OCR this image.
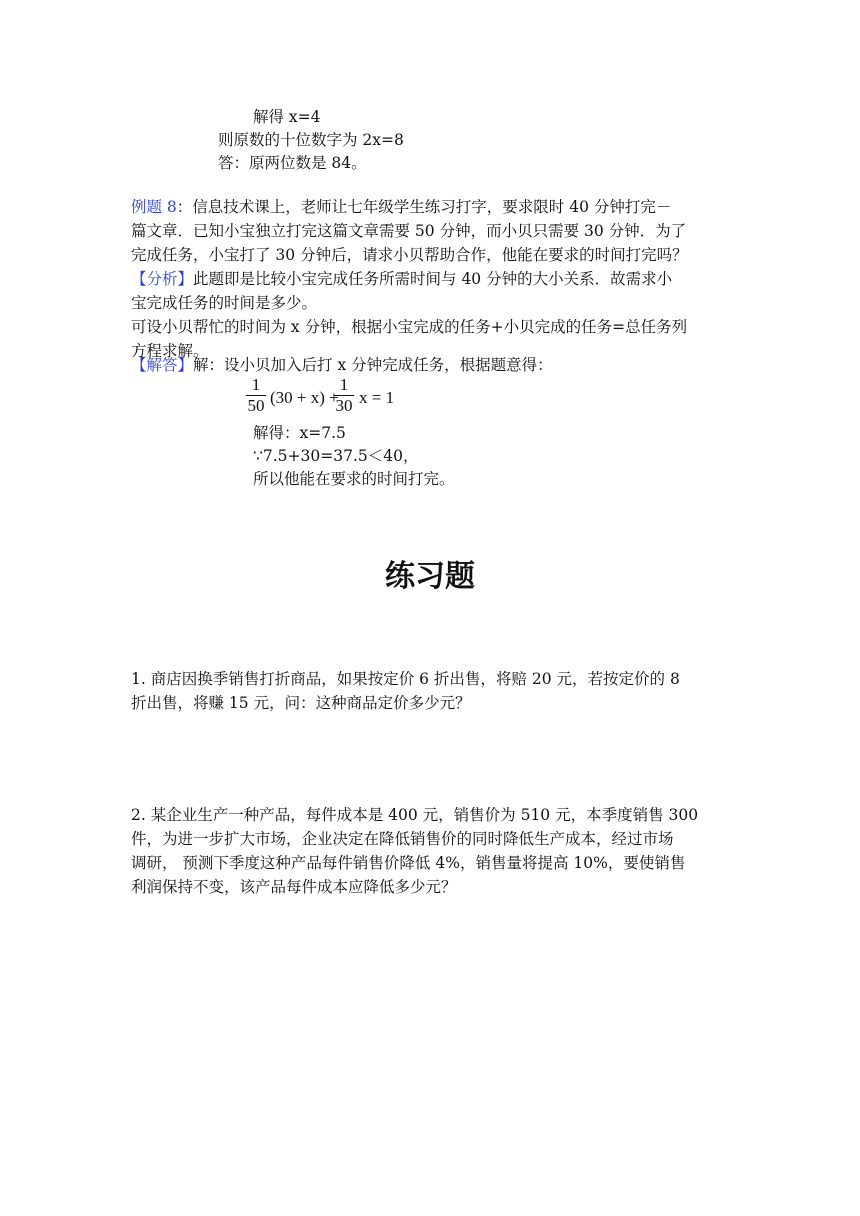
解得 x=4
则原数的十位数字为 2x=8
答：原两位数是 84。
例题 8：信息技术课上，老师让七年级学生练习打字，要求限时 40 分钟打完－
篇文章．已知小宝独立打完这篇文章需要 50 分钟，而小贝只需要 30 分钟．为了
完成任务，小宝打了 30 分钟后，请求小贝帮助合作，他能在要求的时间打完吗？
【分析】此题即是比较小宝完成任务所需时间与 40 分钟的大小关系．故需求小
宝完成任务的时间是多少。
可设小贝帮忙的时间为 x 分钟，根据小宝完成的任务+小贝完成的任务=总任务列
方程求解。
【解答】解：设小贝加入后打 x 分钟完成任务，根据题意得：
1
50 (30 + x) +
1
30 x = 1
解得：x=7.5
∵7.5+30=37.5＜40，
所以他能在要求的时间打完。
练习题
1. 商店因换季销售打折商品，如果按定价 6 折出售，将赔 20 元，若按定价的 8
折出售，将赚 15 元，问：这种商品定价多少元？
2. 某企业生产一种产品，每件成本是 400 元，销售价为 510 元，本季度销售 300
件，为进一步扩大市场，企业决定在降低销售价的同时降低生产成本，经过市场
调研， 预测下季度这种产品每件销售价降低 4%，销售量将提高 10%，要使销售
利润保持不变，该产品每件成本应降低多少元？
